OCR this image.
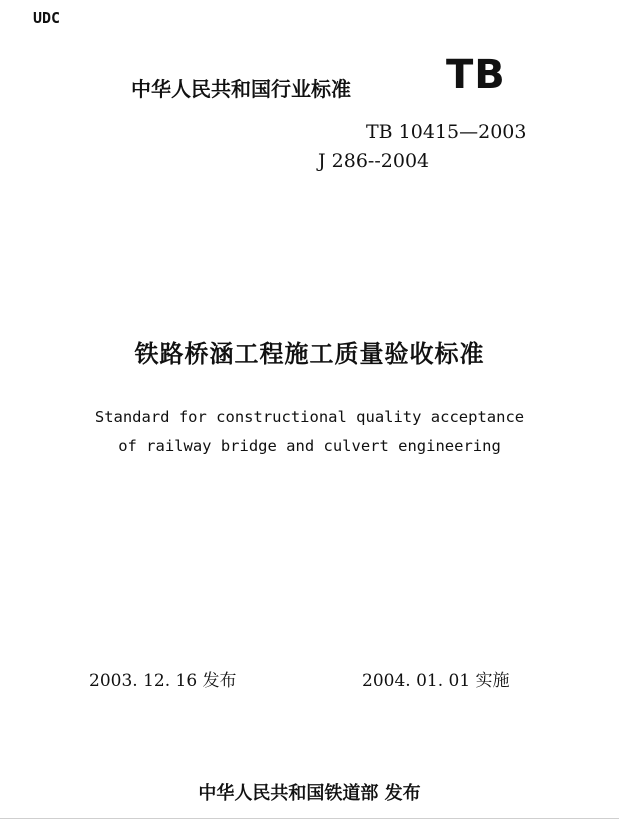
UDC
中华人民共和国行业标准 TB
TB 10415—2003
J 286--2004
铁路桥涵工程施工质量验收标准
Standard for constructional quality acceptance
of railway bridge and culvert engineering
2003. 12. 16 发布	2004. 01. 01 实施
中华人民共和国铁道部 发布
